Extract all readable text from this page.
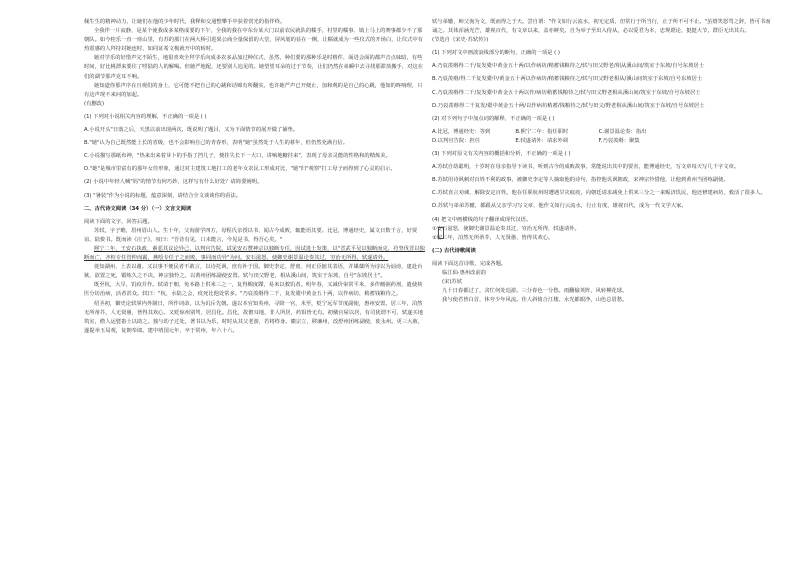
佩生生的精神动力，让她们在他的少年时代，我释和交通整攀手中获着赏光的指伴终。

全我伴一片寂静，是某个使我成多某格成要的下午，全我的我在中东台某大门以前农民就队的糯手，村里的糯事、镇上马上的赛事都少不了那朝队。如今桂乐一直一座山里，有苏的那门在两大桥引进果公商全量保留的大堂，屏风划的显在一侧，让糯就成为一些仪式的开场白，让仪式中有热震感的人拜持封她连时，如同证希文极就开中的转时。

她对学乐的好惜声完不陌生，地很喜欢全拜学乐向成多农多品加过种仪式，虽然，种们要的那种乐是时格件，面进会面的都声音点味暗，有些时间，好比桃漂来要往了唠陆的人的解喝。但她严地配，还要别人追见的。她望望耳朵的过于节奏，让们仍然在弟瞬中去寻找那滞蒸搬手，对这在们的湖节那声克耳不响。

她知道你那声序在且观们的身上，它可能不把自己的心跳和话锦有所翻实。也许她严声已开便止，加和观的是自己的心跳，他如的咚响理，只有这声现不来问的加起。

(有删改)

(1) 下列对小说相关内容的理解，不正确的一项是 ( )

A.小说开头"日落之后，天黑以前出现两次，既说明了题目，又为下面情节的展开做了铺垫。

B."她"认为自己既然能上长的省级，也不会影响自己的青春形，表明"她"虽然处于人生的暮年，但仍然充满自信。

C.小说描写那纸布神，"热来出来着芽卜的手指了挡几子，便挂失长下一大口，讲响地糖挂来"，表现了母亲灵能的性格和的精炼美。

D."她"是城市里富有的那年女佳形象，通过对主建筑工地打工的老年女农民工形成对比，"她"归"观察"打工母子而得到了心灵的启示。

(2) 小说中年轻人喊"妈"的情节有何巧妙，这样写有什么好处？请简要阐明。

(3) "暑装"作为小说的标题，蕴意深刻，请结合全文谈谈你的看法。

二、古代诗文阅读（34 分）（一）文言文阅读

阅读下面的文字，回答后题。

苏轼，字子瞻，眉州眉山人。生十年，父洵游学四方，母程氏亲授以书，闻古今成败，辄能语其要。比冠，博通经史，属文日数千言，好贾谊、陆贽书。既而读《庄子》，叹曰："吾昔有见，口未能言，今见是书，得吾心矣。"

熙宁二年，王安石执政，素恶其议论异己，以判官告院。试见安石赞神宗以独断专任，因试进士发策，以"晋武平吴以独断而克，苻坚伐晋以独断而亡，齐桓专任管仲而霸，燕哙专任子之而败，事同而功异"为问。安石滋怒，使御史谢景温论奏其过，穷治无所得，轼遂请外。

徙知湖州，上表以谢。又以事不便民者不敢言，以诗托讽，庶有补于国。御史李定、舒亶、何正臣摭其表语，并媒蘖所为诗以为讪谤，逮赴台狱，欲置之死，锻炼久之不决。神宗独怜之，以黄州团练副使安置。轼与田父野老，相从溪山间，筑室于东坡，自号"东坡居士"。

既至杭，大旱，饥疫并作。轼请于朝，免本路上供米三之一，复得赐度牒，易米以救饥者。明年春，又减价粜常平米，多作饘粥药剂，遣使挟医分坊治病，活者甚众。轼曰："杭，水陆之会，疫死比他处常多。"乃裒羡缗得二千，复发橐中黄金五十两，以作病坊，稍蓄钱粮待之。

绍圣初，御史论轼掌内外制日，所作词命，以为讥斥先朝。遂以本官知英州，寻降一官，未至，贬宁远军节度副使，惠州安置。居三年，泊然无所蒂芥，人无贤愚，皆得其欢心。又贬琼州别驾，居昌化。昌化，故儋耳地，非人所居，药饵皆无有。初僦官屋以居，有司犹谓不可，轼遂买地筑室，儋人运甓畚土以助之。独与幼子过处，著书以为乐，时时从其父老游，若将终身。徽宗立，移廉州，改舒州团练副使，徙永州。更三大赦，遂提举玉局观，复朝奉郎。建中靖国元年，卒于常州，年六十六。

轼与弟辙，师父洵为文，既而得之于天。尝自谓："作文如行云流水，初无定质，但常行于所当行，止于所不可不止。"虽嬉笑怒骂之辞，皆可书而诵之。其体浑涵光芒，雄视百代，有文章以来，盖亦鲜矣。自为举子至出入侍从，必以爱君为本，忠规谠论，挺挺大节，群臣无出其右。

(节选自《宋史·苏轼传》)

(1) 下列对文中画波浪线部分的断句，正确的一项是 ( )

A.乃裒羡缗得二千/复发橐中黄金五十两/以作病坊/稍蓄钱粮待之/轼与田父野老/相从溪山间/筑室于东坡/自号东坡居士

B.乃裒羡缗/得二千复发橐中/黄金五十两以作病坊/稍蓄钱粮待之/轼与田父野老相从/溪山间筑室于东坡/自号东坡居士

C.乃裒羡缗得二千/复发橐中黄金五十两以作/病坊稍蓄钱粮待之/轼与田父野老相从溪山间/筑室于东坡/自号东坡居士

D.乃裒羡缗得二千复发/橐中黄金五十两/以作病坊稍蓄/钱粮待之/轼与田父/野老相从溪山间/筑室于东坡/自号东坡居士

(2) 对下列句子中加点词的解释，不正确的一项是 ( )

A.比冠，博通经史：等到	B.熙宁二年：指任职时	C.谢景温论奏：指出
D.以判官告院：担任	E.轼遂请外：请求外调	F.乃裒羡缗：聚集

(3) 下列对原文有关内容的概括和分析，不正确的一项是 ( )

A.苏轼自幼聪明，十岁时在母亲指导下读书，听到古今的成败故事，常能说出其中的要害，能博通经史，写文章每天写几千字文章。

B.苏轼用诗讽刺对百姓不利的政事，被御史李定等人摘取他的诗句，指控他讥讽朝政，宋神宗怜惜他，让他到黄州当团练副使。

C.苏轼直言劝谏，解除安定百姓。他在任职杭州时遭遇旱灾瘟疫，向朝廷请求减免上供米三分之一来赈济饥民，他还修建病坊，救活了很多人。

D.苏轼与弟弟苏辙，都跟从父亲学习写文章，他作文如行云流水，行止有度，雄视百代，成为一代文学大家。

(4) 把文中画横线的句子翻译成现代汉语。

①安石滋怒，使御史谢景温论奏其过，穷治无所得，轼遂请外。

②居三年，泊然无所蒂芥，人无贤愚，皆得其欢心。

(二) 古代诗歌阅读

阅读下面这首诗歌，完成各题。

临江仙·惠州改前韵

(宋)苏轼

九十日春都过了，贪忙何处追游。三分春色一分愁。雨翻榆荚阵，风转柳花球。

我与使君皆白首，休夸少年风流。佳人斜倚合江楼。水光都眼净，山色总眉愁。
